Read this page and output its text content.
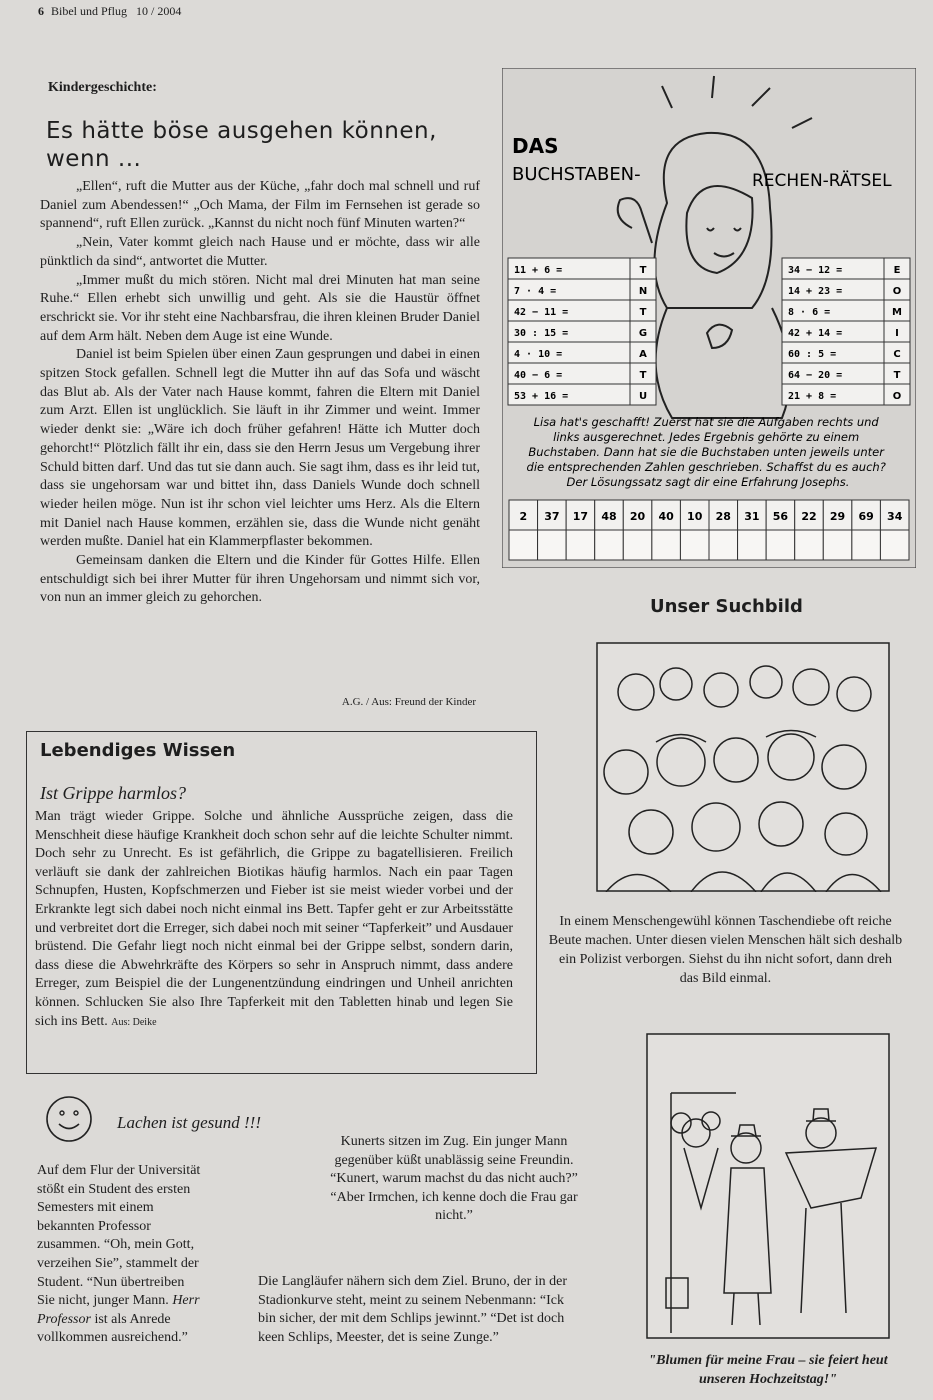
6 Bibel und Pflug 10 / 2004
Kindergeschichte:
Es hätte böse ausgehen können, wenn ...

„Ellen“, ruft die Mutter aus der Küche, „fahr doch mal schnell und ruf Daniel zum Abendessen!“ „Och Mama, der Film im Fernsehen ist gerade so spannend“, ruft Ellen zurück. „Kannst du nicht noch fünf Minuten warten?“

„Nein, Vater kommt gleich nach Hause und er möchte, dass wir alle pünktlich da sind“, antwortet die Mutter.

„Immer mußt du mich stören. Nicht mal drei Minuten hat man seine Ruhe.“ Ellen erhebt sich unwillig und geht. Als sie die Haustür öffnet erschrickt sie. Vor ihr steht eine Nachbarsfrau, die ihren kleinen Bruder Daniel auf dem Arm hält. Neben dem Auge ist eine Wunde.

Daniel ist beim Spielen über einen Zaun gesprungen und dabei in einen spitzen Stock gefallen. Schnell legt die Mutter ihn auf das Sofa und wäscht das Blut ab. Als der Vater nach Hause kommt, fahren die Eltern mit Daniel zum Arzt. Ellen ist unglücklich. Sie läuft in ihr Zimmer und weint. Immer wieder denkt sie: „Wäre ich doch früher gefahren! Hätte ich Mutter doch gehorcht!“ Plötzlich fällt ihr ein, dass sie den Herrn Jesus um Vergebung ihrer Schuld bitten darf. Und das tut sie dann auch. Sie sagt ihm, dass es ihr leid tut, dass sie ungehorsam war und bittet ihn, dass Daniels Wunde doch schnell wieder heilen möge. Nun ist ihr schon viel leichter ums Herz. Als die Eltern mit Daniel nach Hause kommen, erzählen sie, dass die Wunde nicht genäht werden mußte. Daniel hat ein Klammerpflaster bekommen.

Gemeinsam danken die Eltern und die Kinder für Gottes Hilfe. Ellen entschuldigt sich bei ihrer Mutter für ihren Ungehorsam und nimmt sich vor, von nun an immer gleich zu gehorchen.

A.G. / Aus: Freund der Kinder
Lebendiges Wissen
Ist Grippe harmlos?
Man trägt wieder Grippe. Solche und ähnliche Aussprüche zeigen, dass die Menschheit diese häufige Krankheit doch schon sehr auf die leichte Schulter nimmt. Doch sehr zu Unrecht. Es ist gefährlich, die Grippe zu bagatellisieren. Freilich verläuft sie dank der zahlreichen Biotikas häufig harmlos. Nach ein paar Tagen Schnupfen, Husten, Kopfschmerzen und Fieber ist sie meist wieder vorbei und der Erkrankte legt sich dabei noch nicht einmal ins Bett. Tapfer geht er zur Arbeitsstätte und verbreitet dort die Erreger, sich dabei noch mit seiner “Tapferkeit” und Ausdauer brüstend. Die Gefahr liegt noch nicht einmal bei der Grippe selbst, sondern darin, dass diese die Abwehrkräfte des Körpers so sehr in Anspruch nimmt, dass andere Erreger, zum Beispiel die der Lungenentzündung eindringen und Unheil anrichten können. Schlucken Sie also Ihre Tapferkeit mit den Tabletten hinab und legen Sie sich ins Bett. Aus: Deike
Lachen ist gesund !!!
Auf dem Flur der Universität stößt ein Student des ersten Semesters mit einem bekannten Professor zusammen. “Oh, mein Gott, verzeihen Sie”, stammelt der Student. “Nun übertreiben Sie nicht, junger Mann. Herr Professor ist als Anrede vollkommen ausreichend.”
Kunerts sitzen im Zug. Ein junger Mann gegenüber küßt unablässig seine Freundin. “Kunert, warum machst du das nicht auch?” “Aber Irmchen, ich kenne doch die Frau gar nicht.”
Die Langläufer nähern sich dem Ziel. Bruno, der in der Stadionkurve steht, meint zu seinem Nebenmann: “Ick bin sicher, der mit dem Schlips jewinnt.” “Det ist doch keen Schlips, Meester, det is seine Zunge.”
DAS
BUCHSTABEN-	RECHEN-RÄTSEL
11 + 6 =	T
7 · 4 =	N
42 − 11 =	T
30 : 15 =	G
4 · 10 =	A
40 − 6 =	T
53 + 16 =	U
34 − 12 =	E
14 + 23 =	O
8 · 6 =	M
42 + 14 =	I
60 : 5 =	C
64 − 20 =	T
21 + 8 =	O
Lisa hat's geschafft! Zuerst hat sie die Aufgaben rechts und links ausgerechnet. Jedes Ergebnis gehörte zu einem Buchstaben. Dann hat sie die Buchstaben unten jeweils unter die entsprechenden Zahlen geschrieben. Schaffst du es auch? Der Lösungssatz sagt dir eine Erfahrung Josephs.
2 37 17 48 20 40 10 28 31 56 22 29 69 34
Unser Suchbild
In einem Menschengewühl können Taschendiebe oft reiche Beute machen. Unter diesen vielen Menschen hält sich deshalb ein Polizist verborgen. Siehst du ihn nicht sofort, dann dreh das Bild einmal.
"Blumen für meine Frau – sie feiert heut unseren Hochzeitstag!"
